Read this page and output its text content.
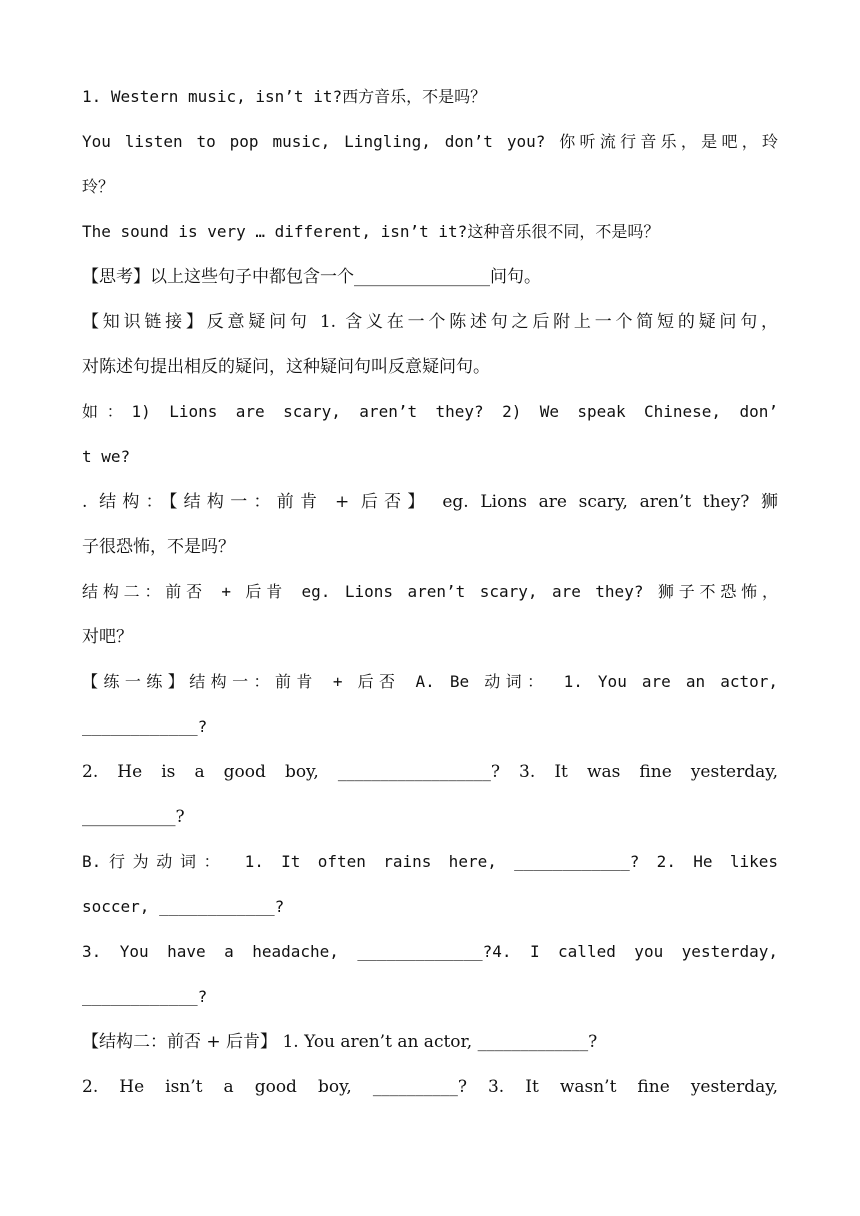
1. Western music, isn’t it?西方音乐，不是吗？
You listen to pop music, Lingling, don’t you? 你听流行音乐，是吧，玲
玲？
The sound is very … different, isn’t it?这种音乐很不同，不是吗？
【思考】以上这些句子中都包含一个________________问句。
【知识链接】反意疑问句 1. 含义在一个陈述句之后附上一个简短的疑问句，
对陈述句提出相反的疑问，这种疑问句叫反意疑问句。
如：1) Lions are scary, aren’t they? 2) We speak Chinese, don’
t we?
. 结构：【结构一：前肯 + 后否】 eg. Lions are scary, aren’t they? 狮
子很恐怖，不是吗？
结构二：前否 + 后肯 eg. Lions aren’t scary, are they? 狮子不恐怖，
对吧？
【练一练】结构一：前肯 + 后否 A. Be 动词： 1. You are an actor,
____________?
2. He is a good boy, __________________? 3. It was fine yesterday,
___________?
B.行为动词： 1. It often rains here, ____________? 2. He likes
soccer, ____________?
3. You have a headache, _____________?4. I called you yesterday,
____________?
【结构二：前否 + 后肯】 1. You aren’t an actor, _____________?
2. He isn’t a good boy, __________? 3. It wasn’t fine yesterday,
